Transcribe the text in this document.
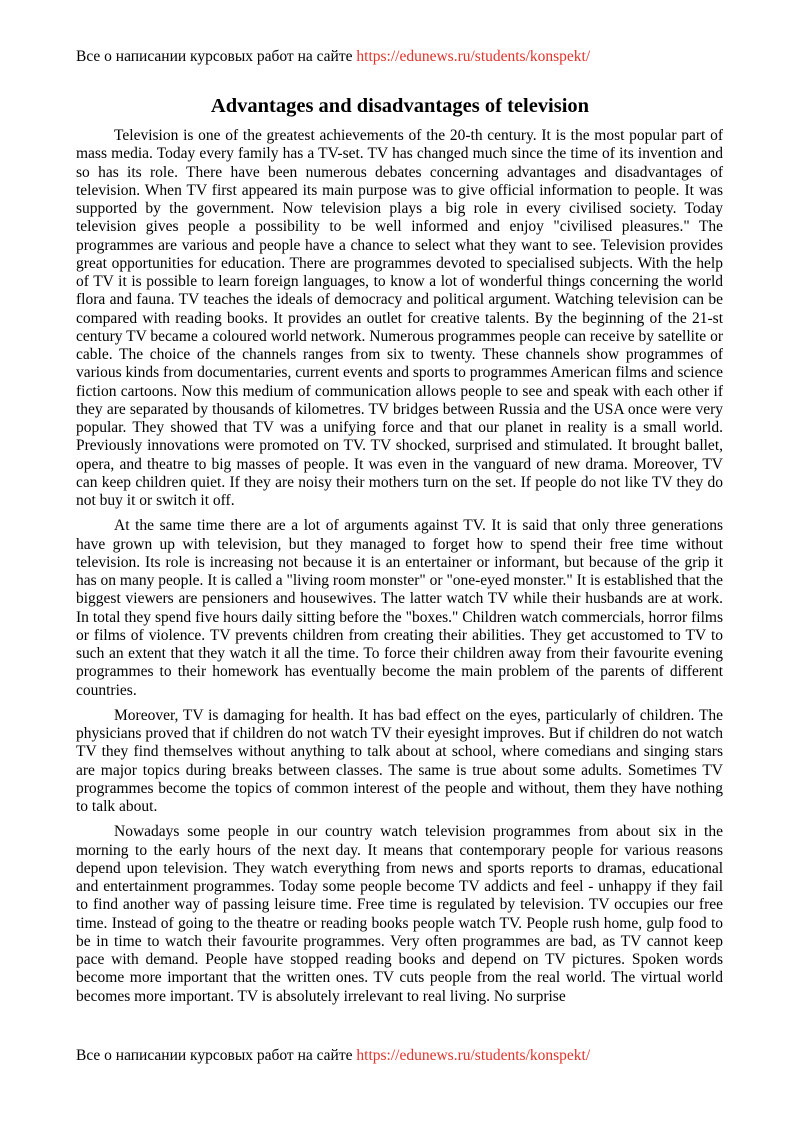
Все о написании курсовых работ на сайте https://edunews.ru/students/konspekt/
Advantages and disadvantages of television

Television is one of the greatest achievements of the 20-th century. It is the most popular part of mass media. Today every family has a TV-set. TV has changed much since the time of its invention and so has its role. There have been numerous debates concerning advantages and disadvantages of television. When TV first appeared its main purpose was to give official information to people. It was supported by the government. Now television plays a big role in every civilised society. Today television gives people a possibility to be well informed and enjoy "civilised pleasures." The programmes are various and people have a chance to select what they want to see. Television provides great opportunities for education. There are programmes devoted to specialised subjects. With the help of TV it is possible to learn foreign languages, to know a lot of wonderful things concerning the world flora and fauna. TV teaches the ideals of democracy and political argument. Watching television can be compared with reading books. It provides an outlet for creative talents. By the beginning of the 21-st century TV became a coloured world network. Numerous programmes people can receive by satellite or cable. The choice of the channels ranges from six to twenty. These channels show programmes of various kinds from documentaries, current events and sports to programmes American films and science fiction cartoons. Now this medium of communication allows people to see and speak with each other if they are separated by thousands of kilometres. TV bridges between Russia and the USA once were very popular. They showed that TV was a unifying force and that our planet in reality is a small world. Previously innovations were promoted on TV. TV shocked, surprised and stimulated. It brought ballet, opera, and theatre to big masses of people. It was even in the vanguard of new drama. Moreover, TV can keep children quiet. If they are noisy their mothers turn on the set. If people do not like TV they do not buy it or switch it off.

At the same time there are a lot of arguments against TV. It is said that only three generations have grown up with television, but they managed to forget how to spend their free time without television. Its role is increasing not because it is an entertainer or informant, but because of the grip it has on many people. It is called a "living room monster" or "one-eyed monster." It is established that the biggest viewers are pensioners and housewives. The latter watch TV while their husbands are at work. In total they spend five hours daily sitting before the "boxes." Children watch commercials, horror films or films of violence. TV prevents children from creating their abilities. They get accustomed to TV to such an extent that they watch it all the time. To force their children away from their favourite evening programmes to their homework has eventually become the main problem of the parents of different countries.

Moreover, TV is damaging for health. It has bad effect on the eyes, particularly of children. The physicians proved that if children do not watch TV their eyesight improves. But if children do not watch TV they find themselves without anything to talk about at school, where comedians and singing stars are major topics during breaks between classes. The same is true about some adults. Sometimes TV programmes become the topics of common interest of the people and without, them they have nothing to talk about.

Nowadays some people in our country watch television programmes from about six in the morning to the early hours of the next day. It means that contemporary people for various reasons depend upon television. They watch everything from news and sports reports to dramas, educational and entertainment programmes. Today some people become TV addicts and feel - unhappy if they fail to find another way of passing leisure time. Free time is regulated by television. TV occupies our free time. Instead of going to the theatre or reading books people watch TV. People rush home, gulp food to be in time to watch their favourite programmes. Very often programmes are bad, as TV cannot keep pace with demand. People have stopped reading books and depend on TV pictures. Spoken words become more important that the written ones. TV cuts people from the real world. The virtual world becomes more important. TV is absolutely irrelevant to real living. No surprise

Все о написании курсовых работ на сайте https://edunews.ru/students/konspekt/
